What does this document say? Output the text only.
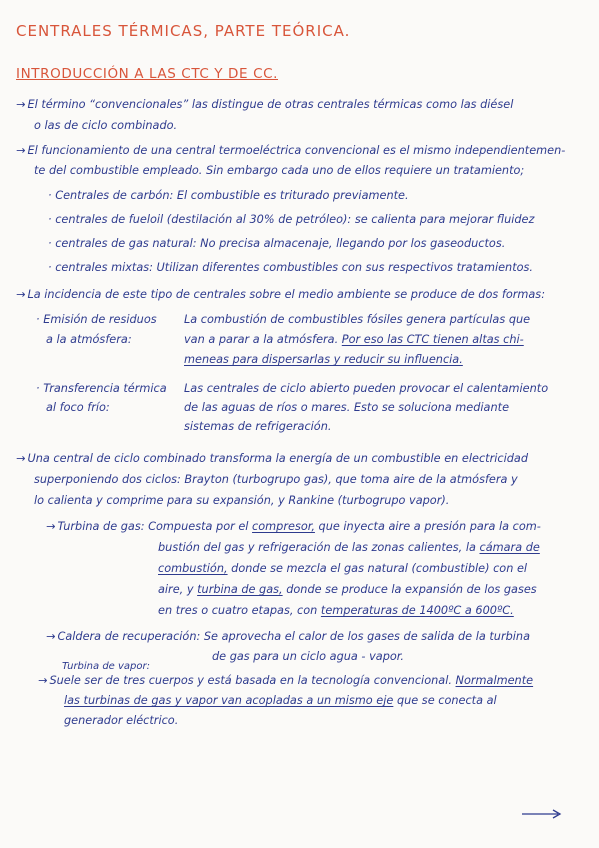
CENTRALES TÉRMICAS, PARTE TEÓRICA.
INTRODUCCIÓN A LAS CTC Y DE CC.
→ El término “convencionales” las distingue de otras centrales térmicas como las diésel
o las de ciclo combinado.
→ El funcionamiento de una central termoeléctrica convencional es el mismo independientemen-
te del combustible empleado. Sin embargo cada uno de ellos requiere un tratamiento;
· Centrales de carbón: El combustible es triturado previamente.
· centrales de fueloil (destilación al 30% de petróleo): se calienta para mejorar fluidez
· centrales de gas natural: No precisa almacenaje, llegando por los gaseoductos.
· centrales mixtas: Utilizan diferentes combustibles con sus respectivos tratamientos.
→ La incidencia de este tipo de centrales sobre el medio ambiente se produce de dos formas:
· Emisión de residuos
a la atmósfera:
La combustión de combustibles fósiles genera partículas que
van a parar a la atmósfera. Por eso las CTC tienen altas chi-
meneas para dispersarlas y reducir su influencia.
· Transferencia térmica
al foco frío:
Las centrales de ciclo abierto pueden provocar el calentamiento
de las aguas de ríos o mares. Esto se soluciona mediante
sistemas de refrigeración.
→ Una central de ciclo combinado transforma la energía de un combustible en electricidad
superponiendo dos ciclos: Brayton (turbogrupo gas), que toma aire de la atmósfera y
lo calienta y comprime para su expansión, y Rankine (turbogrupo vapor).
→ Turbina de gas: Compuesta por el compresor, que inyecta aire a presión para la com-
bustión del gas y refrigeración de las zonas calientes, la cámara de
combustión, donde se mezcla el gas natural (combustible) con el
aire, y turbina de gas, donde se produce la expansión de los gases
en tres o cuatro etapas, con temperaturas de 1400ºC a 600ºC.
→ Caldera de recuperación: Se aprovecha el calor de los gases de salida de la turbina
de gas para un ciclo agua - vapor.
Turbina de vapor:
→ Suele ser de tres cuerpos y está basada en la tecnología convencional. Normalmente
las turbinas de gas y vapor van acopladas a un mismo eje que se conecta al
generador eléctrico.
